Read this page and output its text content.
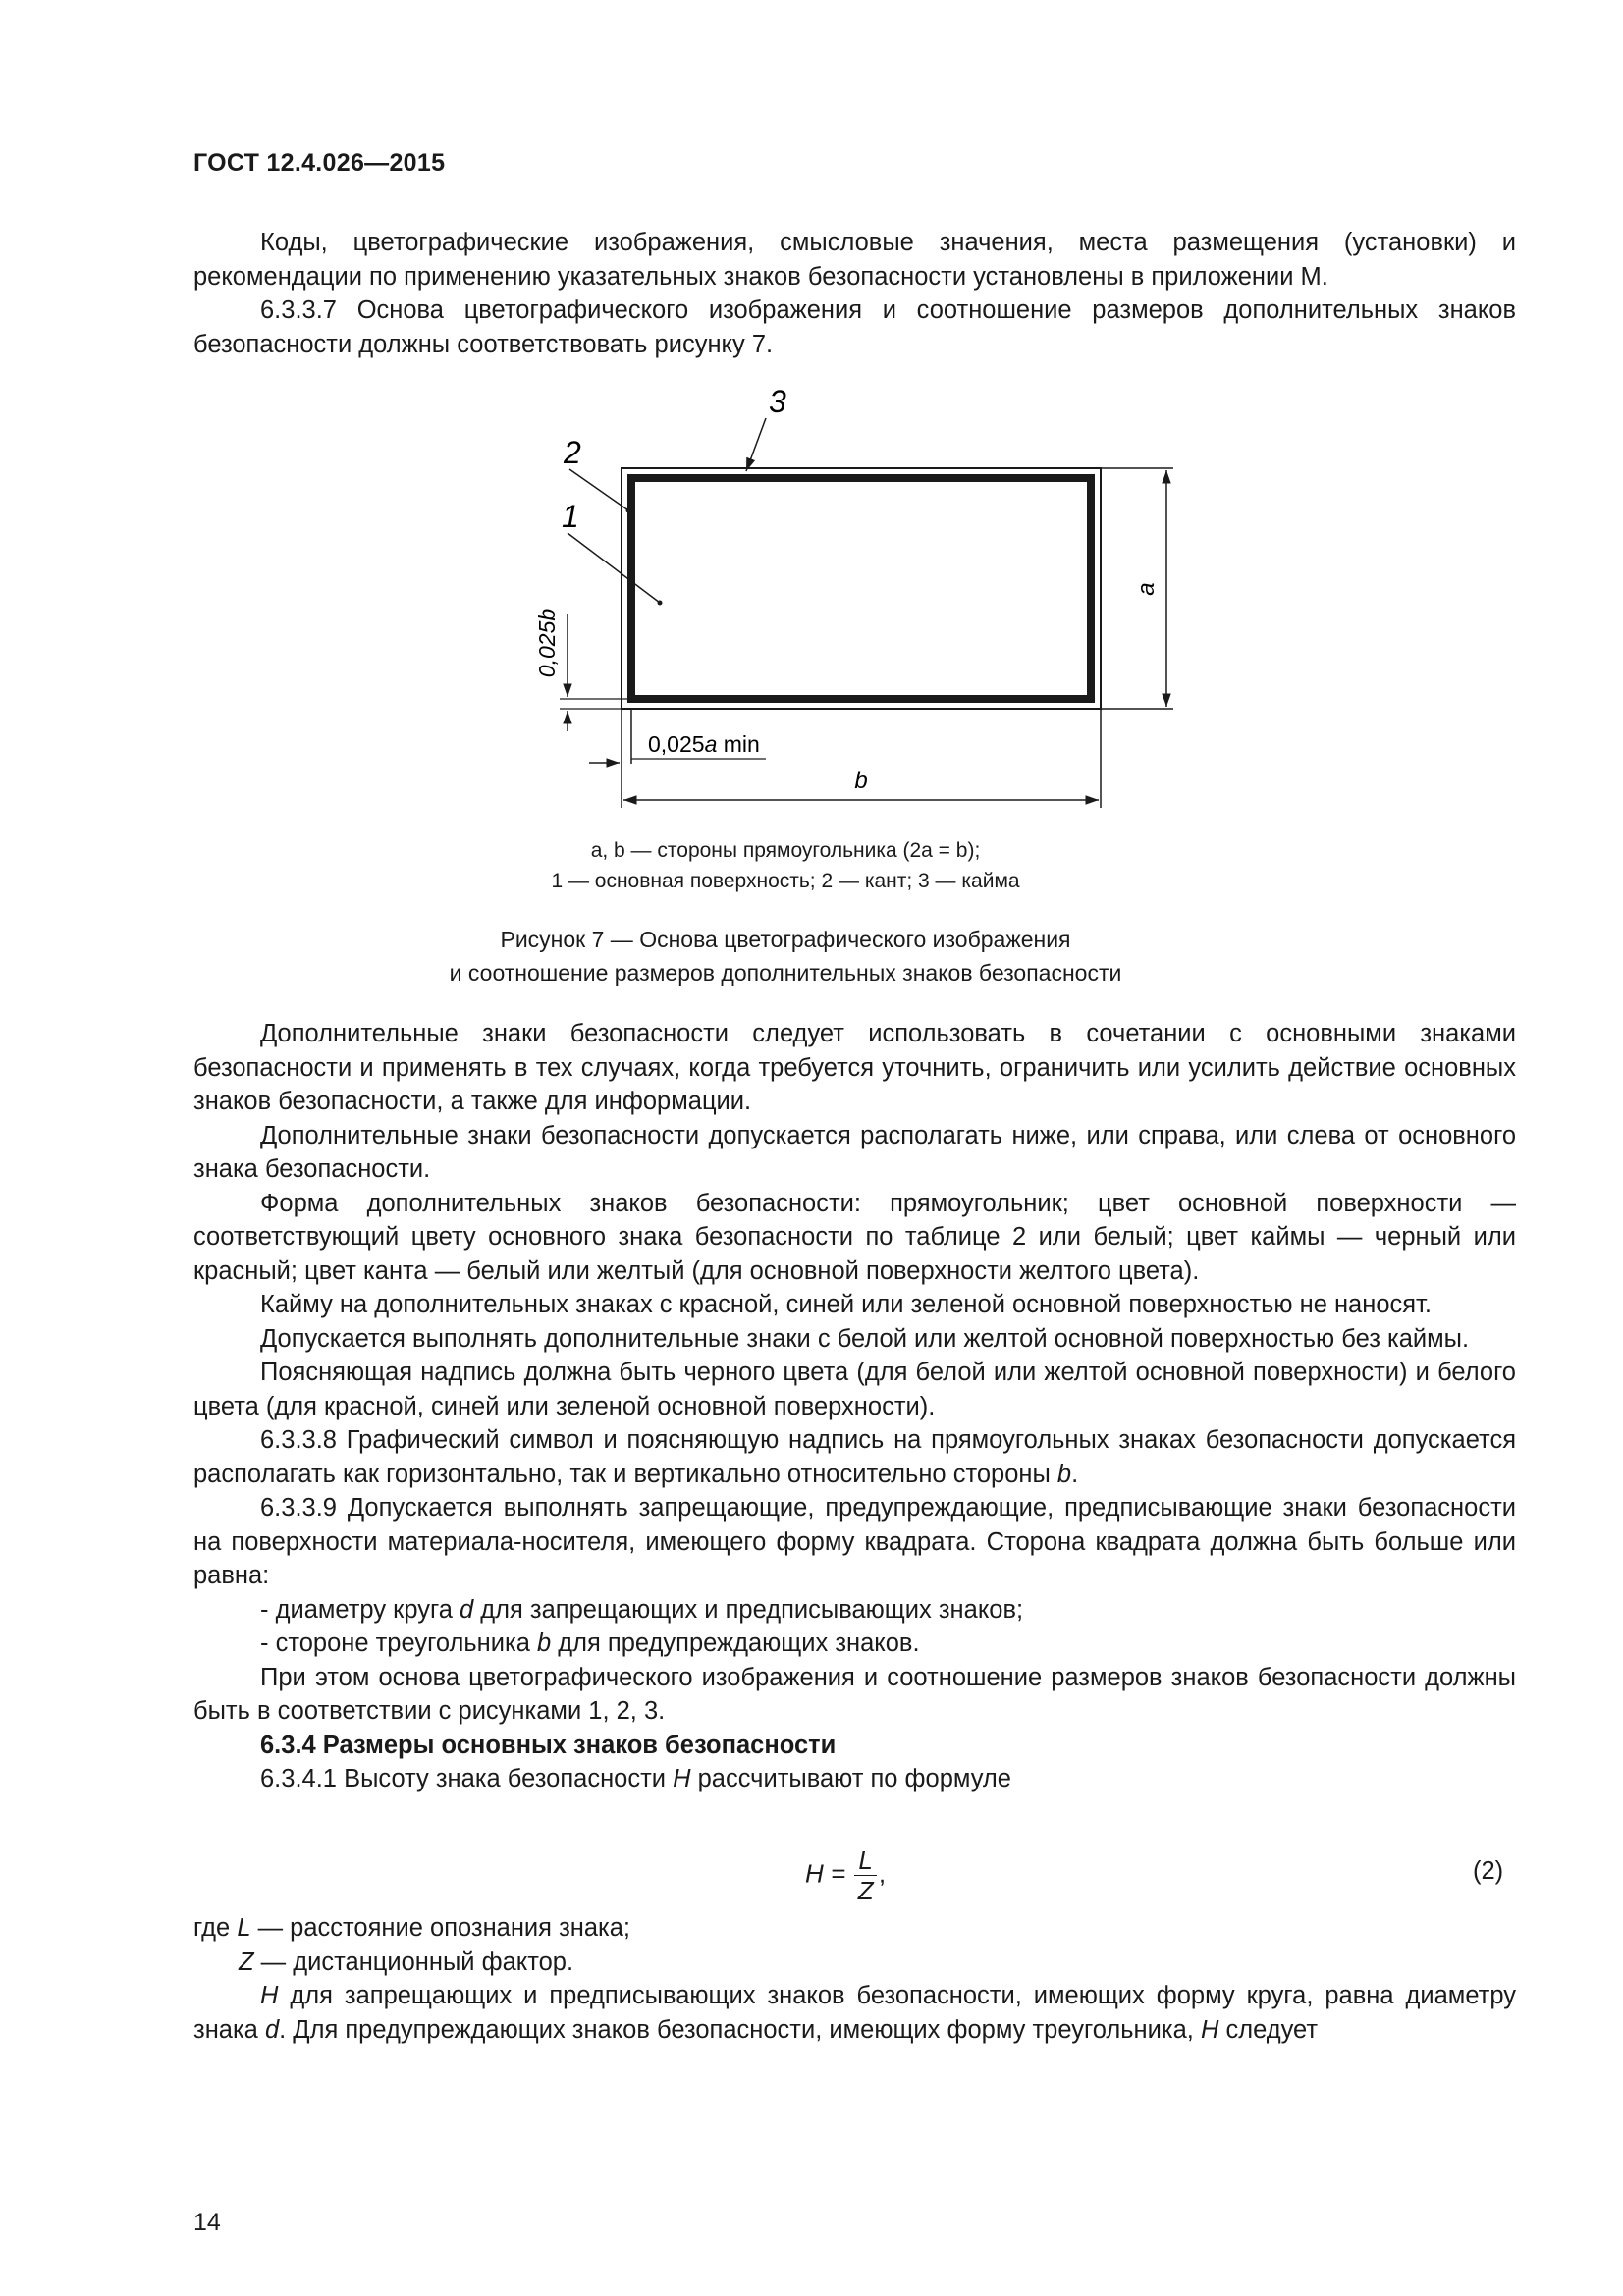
ГОСТ 12.4.026—2015

Коды, цветографические изображения, смысловые значения, места размещения (установки) и рекомендации по применению указательных знаков безопасности установлены в приложении М.

6.3.3.7 Основа цветографического изображения и соотношение размеров дополнительных знаков безопасности должны соответствовать рисунку 7.

a
b
0,025a min
0,025b
3
2
1
a, b — стороны прямоугольника (2a = b);
1 — основная поверхность; 2 — кант; 3 — кайма
Рисунок 7 — Основа цветографического изображения
и соотношение размеров дополнительных знаков безопасности

Дополнительные знаки безопасности следует использовать в сочетании с основными знаками безопасности и применять в тех случаях, когда требуется уточнить, ограничить или усилить действие основных знаков безопасности, а также для информации.

Дополнительные знаки безопасности допускается располагать ниже, или справа, или слева от основного знака безопасности.

Форма дополнительных знаков безопасности: прямоугольник; цвет основной поверхности — соответствующий цвету основного знака безопасности по таблице 2 или белый; цвет каймы — черный или красный; цвет канта — белый или желтый (для основной поверхности желтого цвета).

Кайму на дополнительных знаках с красной, синей или зеленой основной поверхностью не наносят.

Допускается выполнять дополнительные знаки с белой или желтой основной поверхностью без каймы.

Поясняющая надпись должна быть черного цвета (для белой или желтой основной поверхности) и белого цвета (для красной, синей или зеленой основной поверхности).

6.3.3.8 Графический символ и поясняющую надпись на прямоугольных знаках безопасности допускается располагать как горизонтально, так и вертикально относительно стороны b.

6.3.3.9 Допускается выполнять запрещающие, предупреждающие, предписывающие знаки безопасности на поверхности материала-носителя, имеющего форму квадрата. Сторона квадрата должна быть больше или равна:

- диаметру круга d для запрещающих и предписывающих знаков;

- стороне треугольника b для предупреждающих знаков.

При этом основа цветографического изображения и соотношение размеров знаков безопасности должны быть в соответствии с рисунками 1, 2, 3.

6.3.4 Размеры основных знаков безопасности

6.3.4.1 Высоту знака безопасности H рассчитывают по формуле

$H = \frac{L}{Z}$ ,	(2)
где L — расстояние опознания знака;
Z — дистанционный фактор.

H для запрещающих и предписывающих знаков безопасности, имеющих форму круга, равна диаметру знака d. Для предупреждающих знаков безопасности, имеющих форму треугольника, H следует

14
